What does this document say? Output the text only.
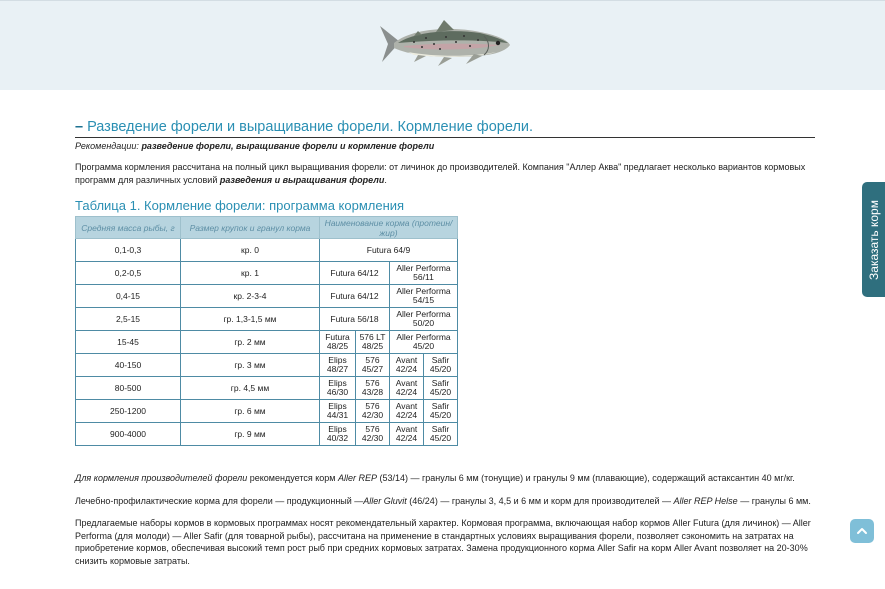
– Разведение форели и выращивание форели. Кормление форели.

Рекомендации: разведение форели, выращивание форели и кормление форели

Программа кормления рассчитана на полный цикл выращивания форели: от личинок до производителей. Компания "Аллер Аква" предлагает несколько вариантов кормовых программ для различных условий разведения и выращивания форели.

Таблица 1. Кормление форели: программа кормления
Средняя масса рыбы, г	Размер крупок и гранул корма	Наименование корма (протеин/жир)			
0,1-0,3	кр. 0	Futura 64/9			
0,2-0,5	кр. 1	Futura 64/12		Aller Performa 56/11	
0,4-15	кр. 2-3-4	Futura 64/12		Aller Performa 54/15	
2,5-15	гр. 1,3-1,5 мм	Futura 56/18		Aller Performa 50/20	
15-45	гр. 2 мм	Futura 48/25	576 LT 48/25	Aller Performa 45/20	
40-150	гр. 3 мм	Elips 48/27	576 45/27	Avant 42/24	Safir 45/20
80-500	гр. 4,5 мм	Elips 46/30	576 43/28	Avant 42/24	Safir 45/20
250-1200	гр. 6 мм	Elips 44/31	576 42/30	Avant 42/24	Safir 45/20
900-4000	гр. 9 мм	Elips 40/32	576 42/30	Avant 42/24	Safir 45/20

Для кормления производителей форели рекомендуется корм Aller REP (53/14) — гранулы 6 мм (тонущие) и гранулы 9 мм (плавающие), содержащий астаксантин 40 мг/кг.

Лечебно-профилактические корма для форели — продукционный —Aller Gluvit (46/24) — гранулы 3, 4,5 и 6 мм и корм для производителей — Aller REP Helse — гранулы 6 мм.

Предлагаемые наборы кормов в кормовых программах носят рекомендательный характер. Кормовая программа, включающая набор кормов Aller Futura (для личинок) — Aller Performa (для молоди) — Aller Safir (для товарной рыбы), рассчитана на применение в стандартных условиях выращивания форели, позволяет сэкономить на затратах на приобретение кормов, обеспечивая высокий темп рост рыб при средних кормовых затратах. Замена продукционного корма Aller Safir на корм Aller Avant позволяет на 20-30% снизить кормовые затраты.

Заказать корм
